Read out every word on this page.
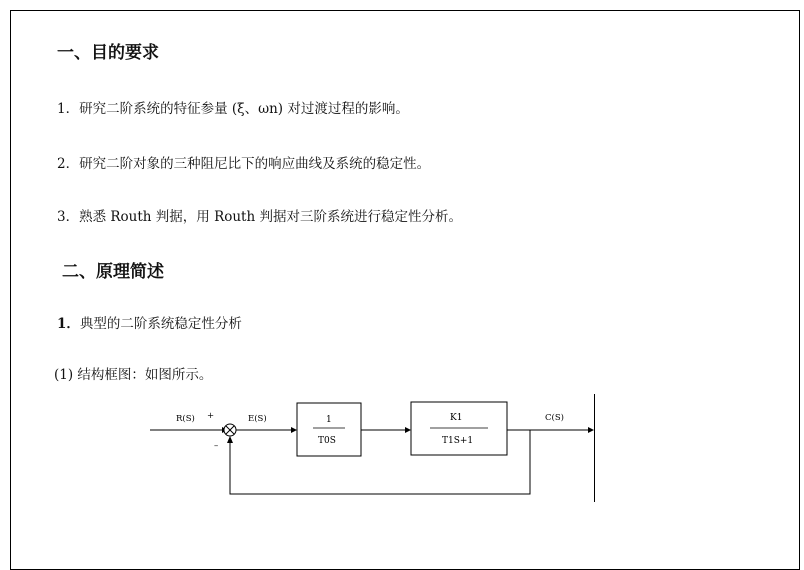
一、目的要求
1．研究二阶系统的特征参量 (ξ、ωn) 对过渡过程的影响。
2．研究二阶对象的三种阻尼比下的响应曲线及系统的稳定性。
3．熟悉 Routh 判据，用 Routh 判据对三阶系统进行稳定性分析。
二、原理简述
1．典型的二阶系统稳定性分析
(1) 结构框图：如图所示。
R(S) +
–
E(S)	1
T0S
K1
T1S+1
C(S)
